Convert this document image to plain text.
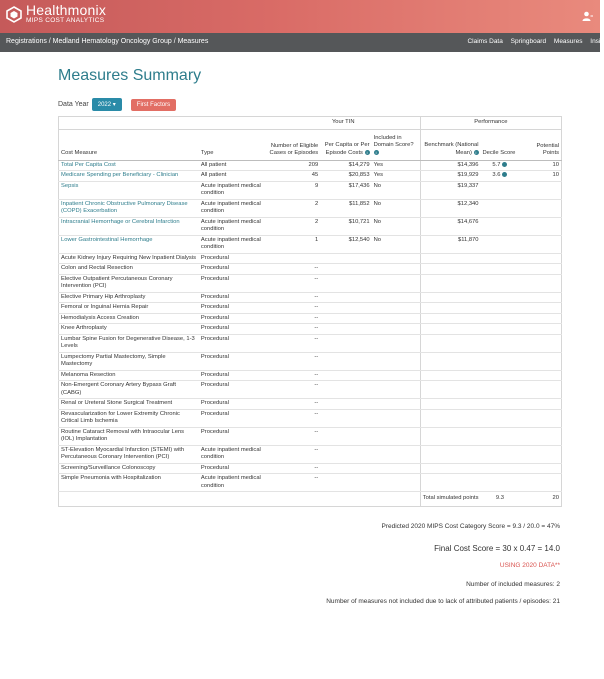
Healthmonix
MIPS COST ANALYTICS
Registrations / Medland Hematology Oncology Group / Measures	Claims Data Springboard Measures Insig
Measures Summary
Data Year	2022 ▾	First Factors
		Your TIN			Performance		
Cost Measure	Type	Number of Eligible Cases or Episodes	Per Capita or Per Episode Costs i	Included in Domain Score? i	Benchmark (National Mean) i	Decile Score	Potential Points
Total Per Capita Cost	All patient	209	$14,279	Yes	$14,396	5.7	10
Medicare Spending per Beneficiary - Clinician	All patient	45	$20,853	Yes	$19,929	3.6	10
Sepsis	Acute inpatient medical condition	9	$17,436	No	$19,337		
Inpatient Chronic Obstructive Pulmonary Disease (COPD) Exacerbation	Acute inpatient medical condition	2	$11,852	No	$12,340		
Intracranial Hemorrhage or Cerebral Infarction	Acute inpatient medical condition	2	$10,721	No	$14,676		
Lower Gastrointestinal Hemorrhage	Acute inpatient medical condition	1	$12,540	No	$11,870		
Acute Kidney Injury Requiring New Inpatient Dialysis	Procedural						
Colon and Rectal Resection	Procedural	--					
Elective Outpatient Percutaneous Coronary Intervention (PCI)	Procedural	--					
Elective Primary Hip Arthroplasty	Procedural	--					
Femoral or Inguinal Hernia Repair	Procedural	--					
Hemodialysis Access Creation	Procedural	--					
Knee Arthroplasty	Procedural	--					
Lumbar Spine Fusion for Degenerative Disease, 1-3 Levels	Procedural	--					
Lumpectomy Partial Mastectomy, Simple Mastectomy	Procedural	--					
Melanoma Resection	Procedural	--					
Non-Emergent Coronary Artery Bypass Graft (CABG)	Procedural	--					
Renal or Ureteral Stone Surgical Treatment	Procedural	--					
Revascularization for Lower Extremity Chronic Critical Limb Ischemia	Procedural	--					
Routine Cataract Removal with Intraocular Lens (IOL) Implantation	Procedural	--					
ST-Elevation Myocardial Infarction (STEMI) with Percutaneous Coronary Intervention (PCI)	Acute inpatient medical condition	--					
Screening/Surveillance Colonoscopy	Procedural	--					
Simple Pneumonia with Hospitalization	Acute inpatient medical condition	--					
					Total simulated points	9.3	20
Predicted 2020 MIPS Cost Category Score = 9.3 / 20.0 = 47%
Final Cost Score = 30 x 0.47 = 14.0
USING 2020 DATA**
Number of included measures: 2
Number of measures not included due to lack of attributed patients / episodes: 21
